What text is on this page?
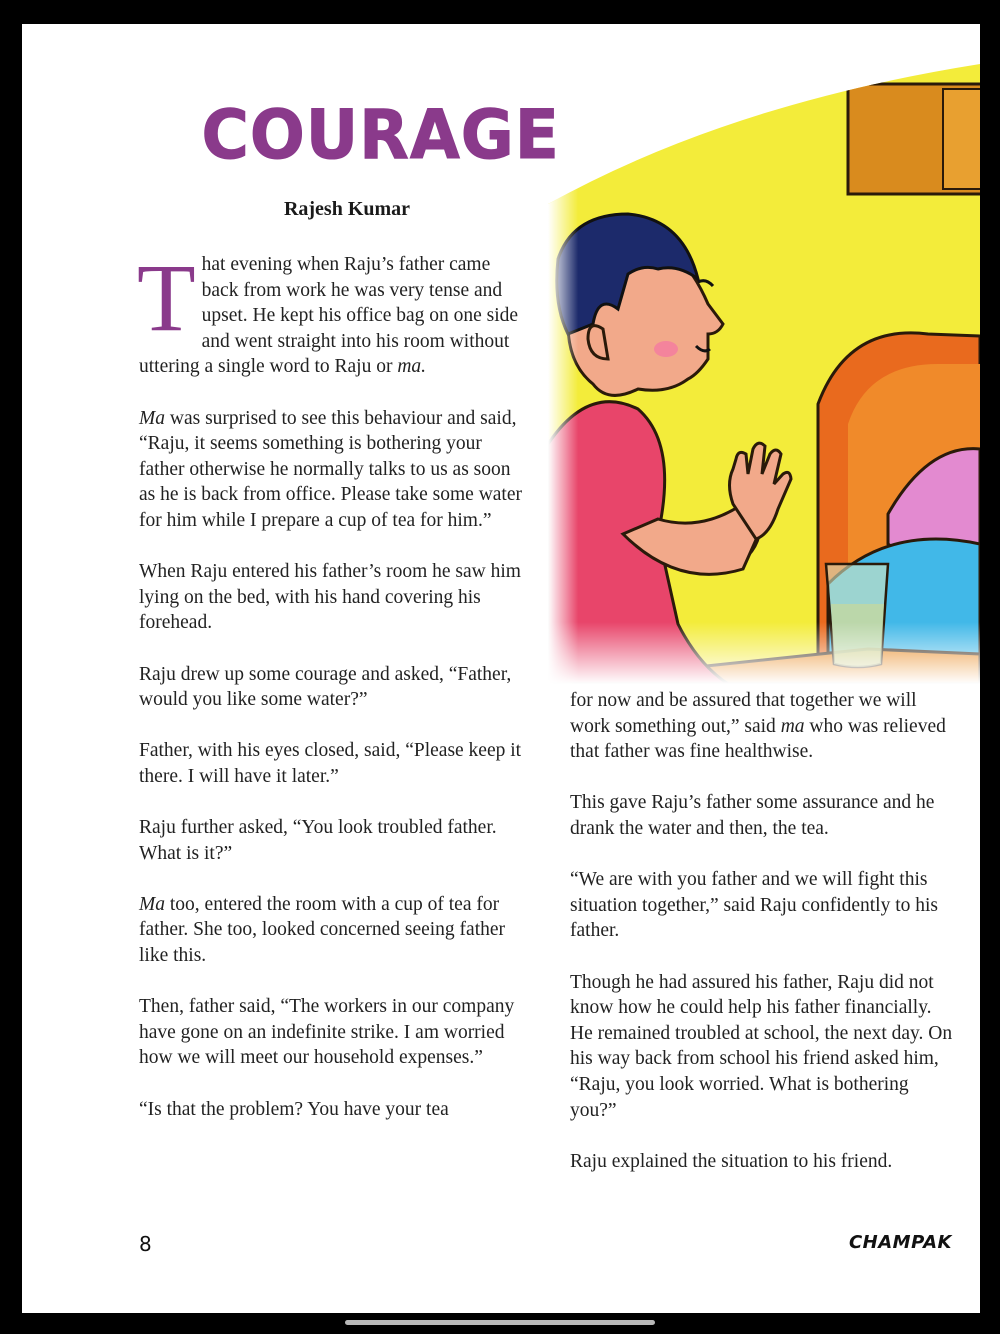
COURAGE
Rajesh Kumar
T hat evening when Raju’s father came back from work he was very tense and upset. He kept his office bag on one side and went straight into his room without uttering a single word to Raju or ma.

Ma was surprised to see this behaviour and said, “Raju, it seems something is bothering your father otherwise he normally talks to us as soon as he is back from office. Please take some water for him while I prepare a cup of tea for him.”

When Raju entered his father’s room he saw him lying on the bed, with his hand covering his forehead.

Raju drew up some courage and asked, “Father, would you like some water?”

Father, with his eyes closed, said, “Please keep it there. I will have it later.”

Raju further asked, “You look troubled father. What is it?”

Ma too, entered the room with a cup of tea for father. She too, looked concerned seeing father like this.

Then, father said, “The workers in our company have gone on an indefinite strike. I am worried how we will meet our household expenses.”

“Is that the problem? You have your tea

for now and be assured that together we will work something out,” said ma who was relieved that father was fine healthwise.

This gave Raju’s father some assurance and he drank the water and then, the tea.

“We are with you father and we will fight this situation together,” said Raju confidently to his father.

Though he had assured his father, Raju did not know how he could help his father financially. He remained troubled at school, the next day. On his way back from school his friend asked him, “Raju, you look worried. What is bothering you?”

Raju explained the situation to his friend.

8	CHAMPAK
